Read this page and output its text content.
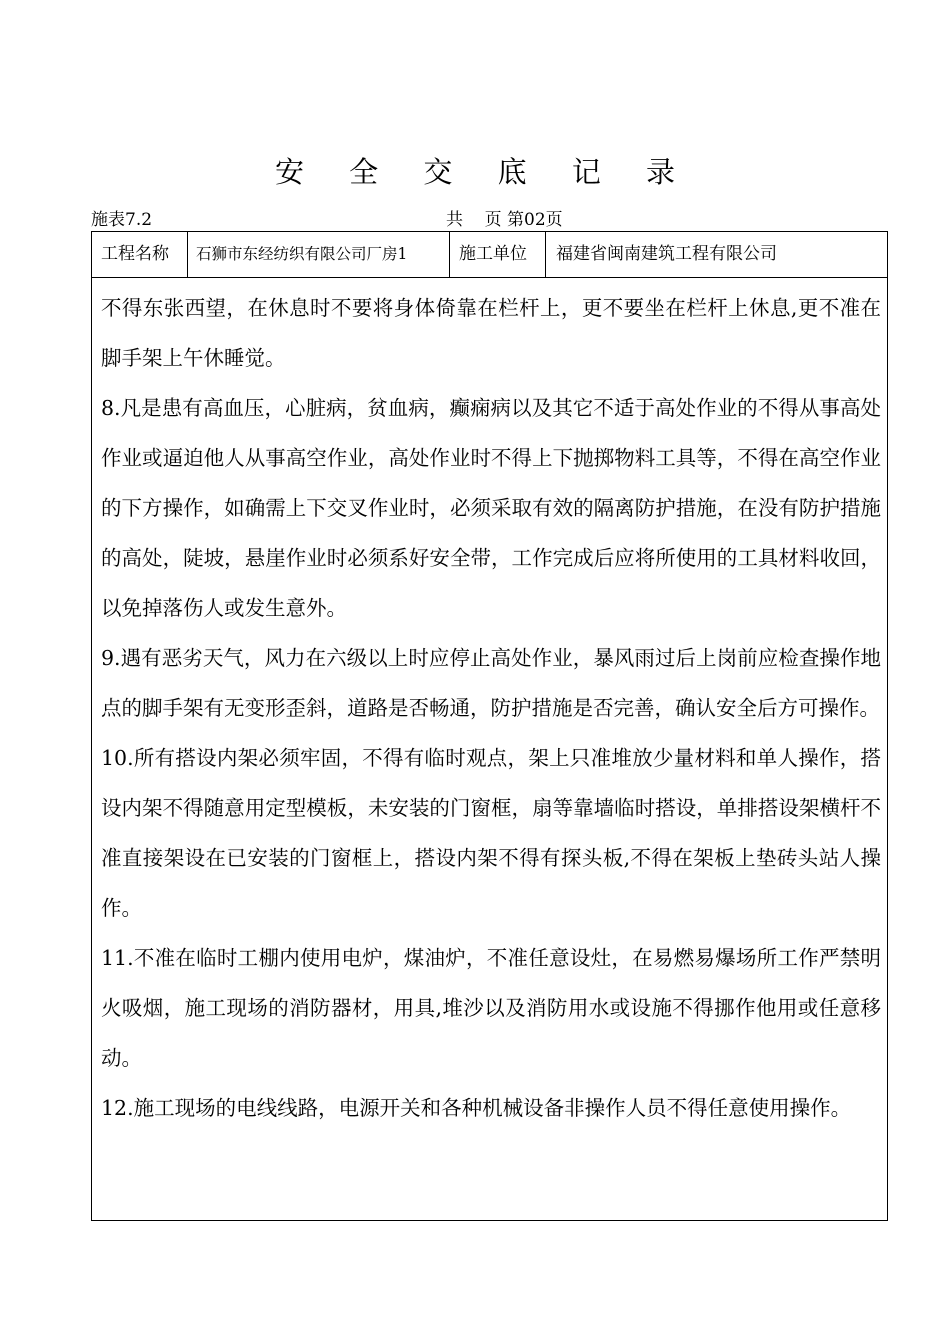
安 全 交 底 记 录
施表7.2	共    页 第02页
工程名称	石狮市东经纺织有限公司厂房1	施工单位	福建省闽南建筑工程有限公司

不得东张西望，在休息时不要将身体倚靠在栏杆上，更不要坐在栏杆上休息,更不准在脚手架上午休睡觉。

8.凡是患有高血压，心脏病，贫血病，癫痫病以及其它不适于高处作业的不得从事高处作业或逼迫他人从事高空作业，高处作业时不得上下抛掷物料工具等，不得在高空作业的下方操作，如确需上下交叉作业时，必须采取有效的隔离防护措施，在没有防护措施的高处，陡坡，悬崖作业时必须系好安全带，工作完成后应将所使用的工具材料收回，以免掉落伤人或发生意外。

9.遇有恶劣天气，风力在六级以上时应停止高处作业，暴风雨过后上岗前应检查操作地点的脚手架有无变形歪斜，道路是否畅通，防护措施是否完善，确认安全后方可操作。

10.所有搭设内架必须牢固，不得有临时观点，架上只准堆放少量材料和单人操作，搭设内架不得随意用定型模板，未安装的门窗框，扇等靠墙临时搭设，单排搭设架横杆不准直接架设在已安装的门窗框上，搭设内架不得有探头板,不得在架板上垫砖头站人操作。

11.不准在临时工棚内使用电炉，煤油炉，不准任意设灶，在易燃易爆场所工作严禁明火吸烟，施工现场的消防器材，用具,堆沙以及消防用水或设施不得挪作他用或任意移动。

12.施工现场的电线线路，电源开关和各种机械设备非操作人员不得任意使用操作。
